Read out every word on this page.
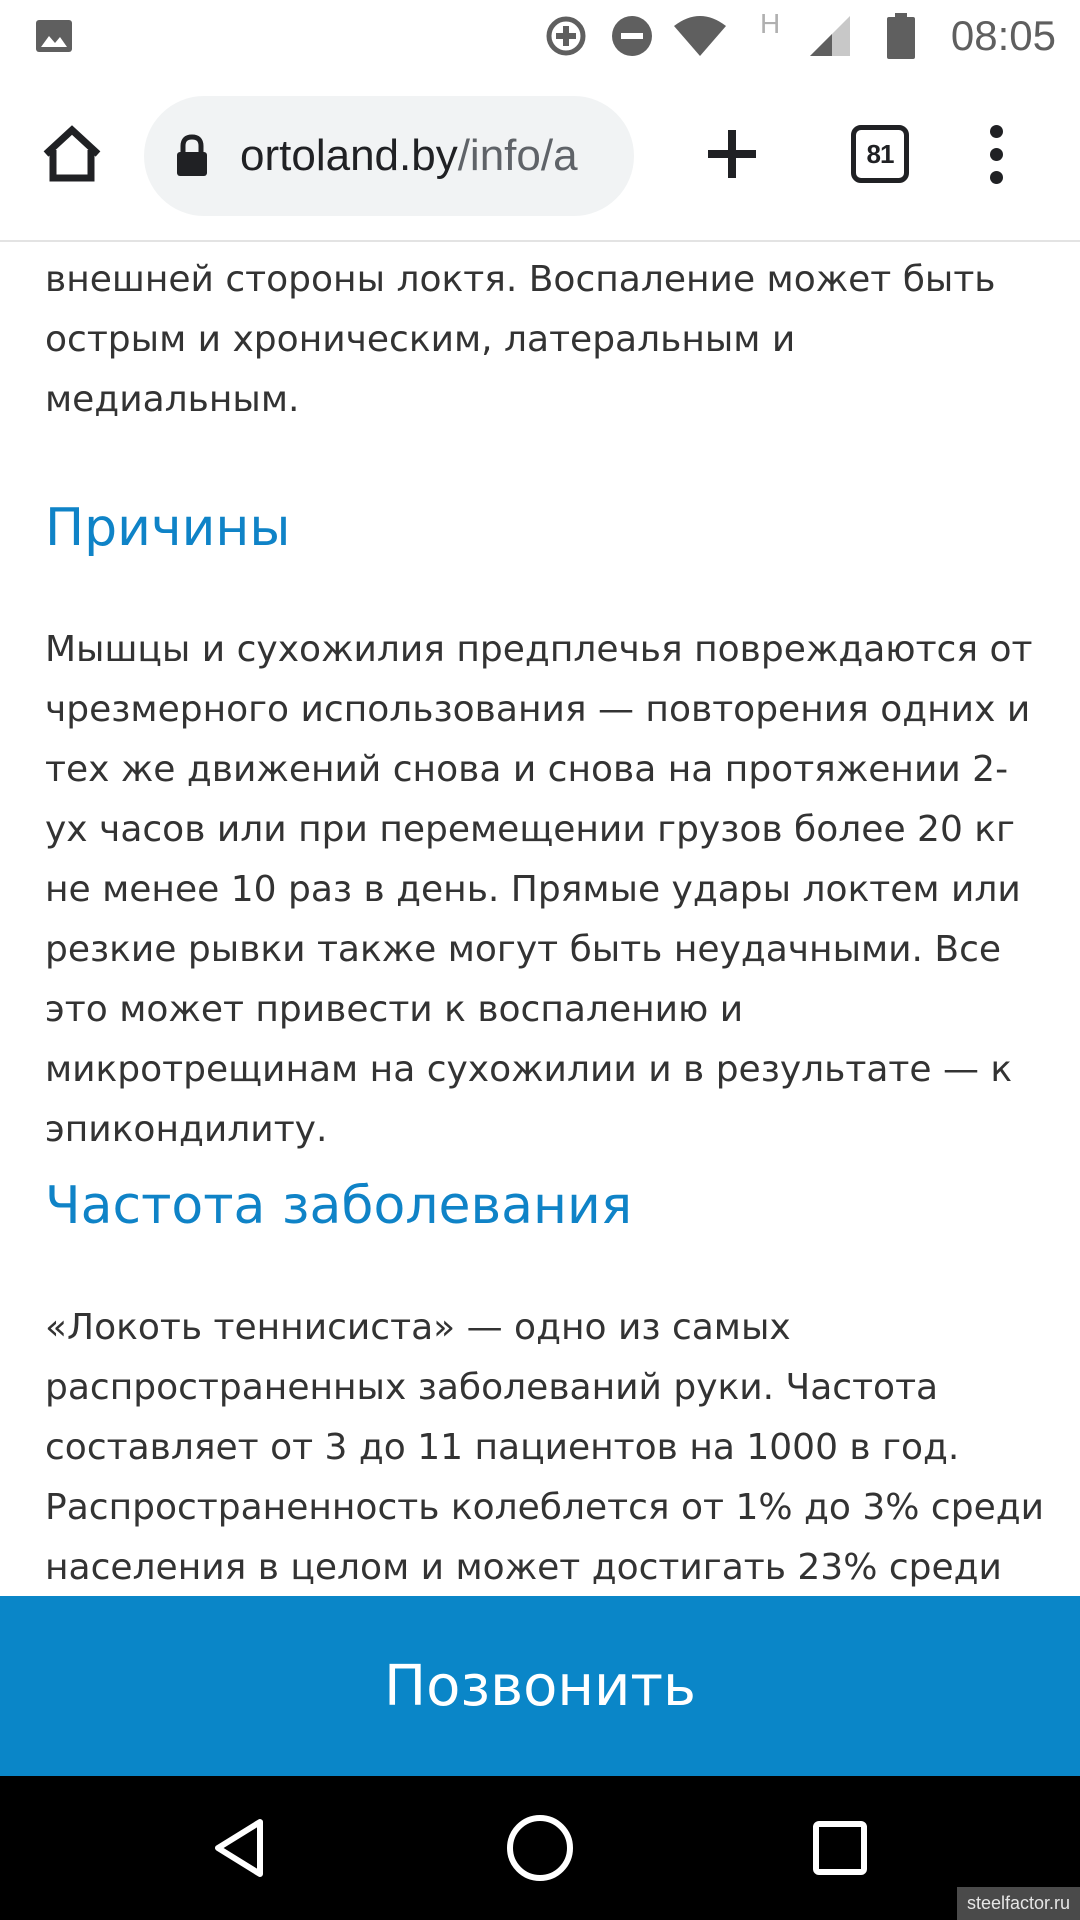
H	08:05
ortoland.by/info/a	81

внешней стороны локтя. Воспаление может быть острым и хроническим, латеральным и медиальным.

Причины

Мышцы и сухожилия предплечья повреждаются от чрезмерного использования — повторения одних и тех же движений снова и снова на протяжении 2-ух часов или при перемещении грузов более 20 кг не менее 10 раз в день. Прямые удары локтем или резкие рывки также могут быть неудачными. Все это может привести к воспалению и микротрещинам на сухожилии и в результате — к эпикондилиту.

Частота заболевания

«Локоть теннисиста» — одно из самых распространенных заболеваний руки. Частота составляет от 3 до 11 пациентов на 1000 в год. Распространенность колеблется от 1% до 3% среди населения в целом и может достигать 23% среди

Позвонить
steelfactor.ru
